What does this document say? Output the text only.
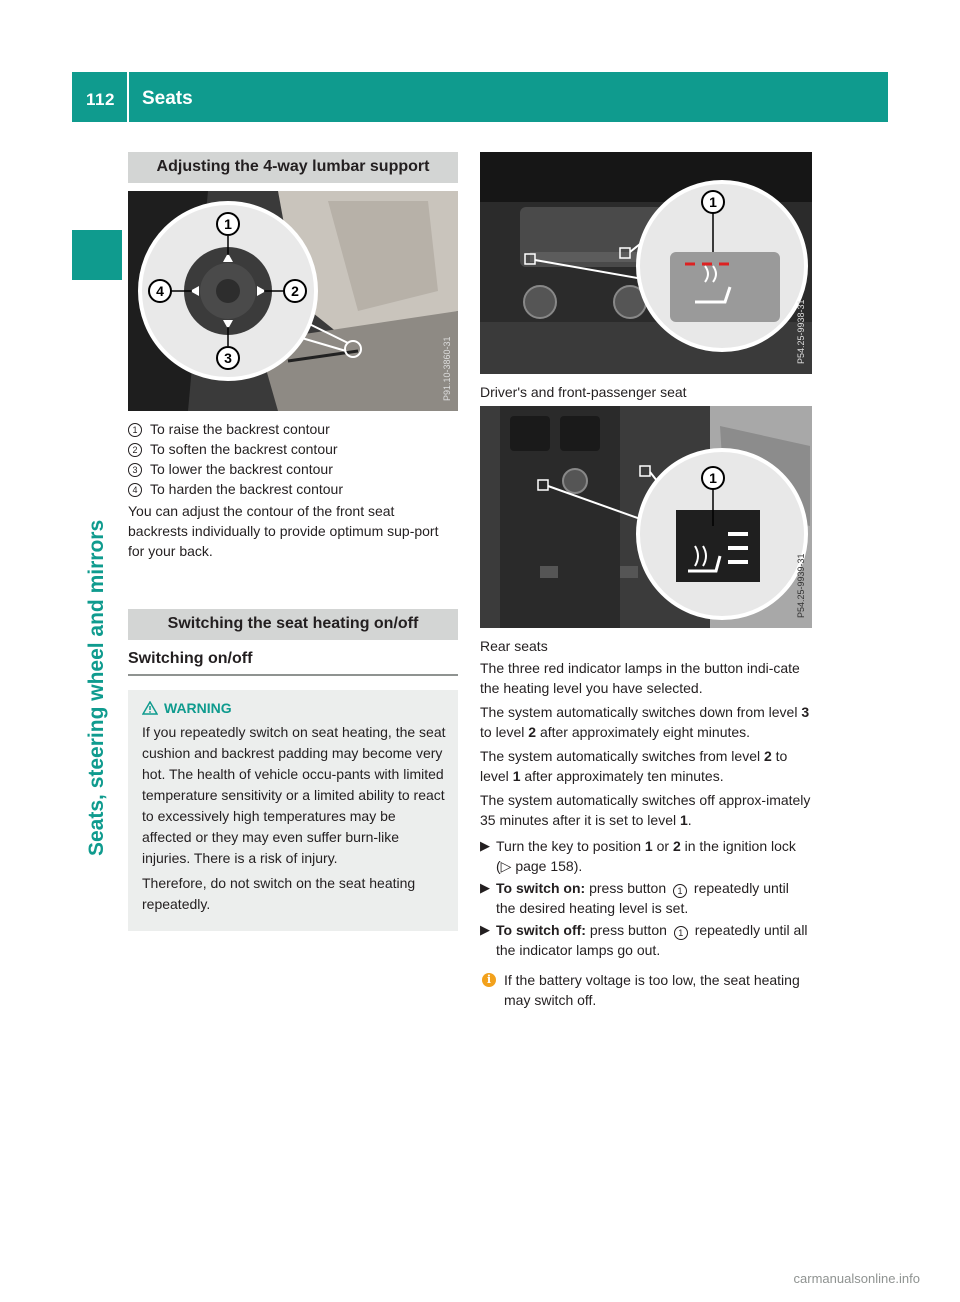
112 Seats
Seats, steering wheel and mirrors
Adjusting the 4-way lumbar support
1
2
3
4
P91.10-3860-31
1 To raise the backrest contour
2 To soften the backrest contour
3 To lower the backrest contour
4 To harden the backrest contour

You can adjust the contour of the front seat backrests individually to provide optimum sup-port for your back.

Switching the seat heating on/off
Switching on/off
WARNING

If you repeatedly switch on seat heating, the seat cushion and backrest padding may become very hot. The health of vehicle occu-pants with limited temperature sensitivity or a limited ability to react to excessively high temperatures may be affected or they may even suffer burn-like injuries. There is a risk of injury.

Therefore, do not switch on the seat heating repeatedly.

1
P54.25-9938-31
Driver's and front-passenger seat
1
P54.25-9939-31
Rear seats

The three red indicator lamps in the button indi-cate the heating level you have selected.

The system automatically switches down from level 3 to level 2 after approximately eight minutes.

The system automatically switches from level 2 to level 1 after approximately ten minutes.

The system automatically switches off approx-imately 35 minutes after it is set to level 1.

▶ Turn the key to position 1 or 2 in the ignition lock (▷ page 158).
▶ To switch on: press button 1 repeatedly until the desired heating level is set.
▶ To switch off: press button 1 repeatedly until all the indicator lamps go out.
i If the battery voltage is too low, the seat heating may switch off.
carmanualsonline.info
